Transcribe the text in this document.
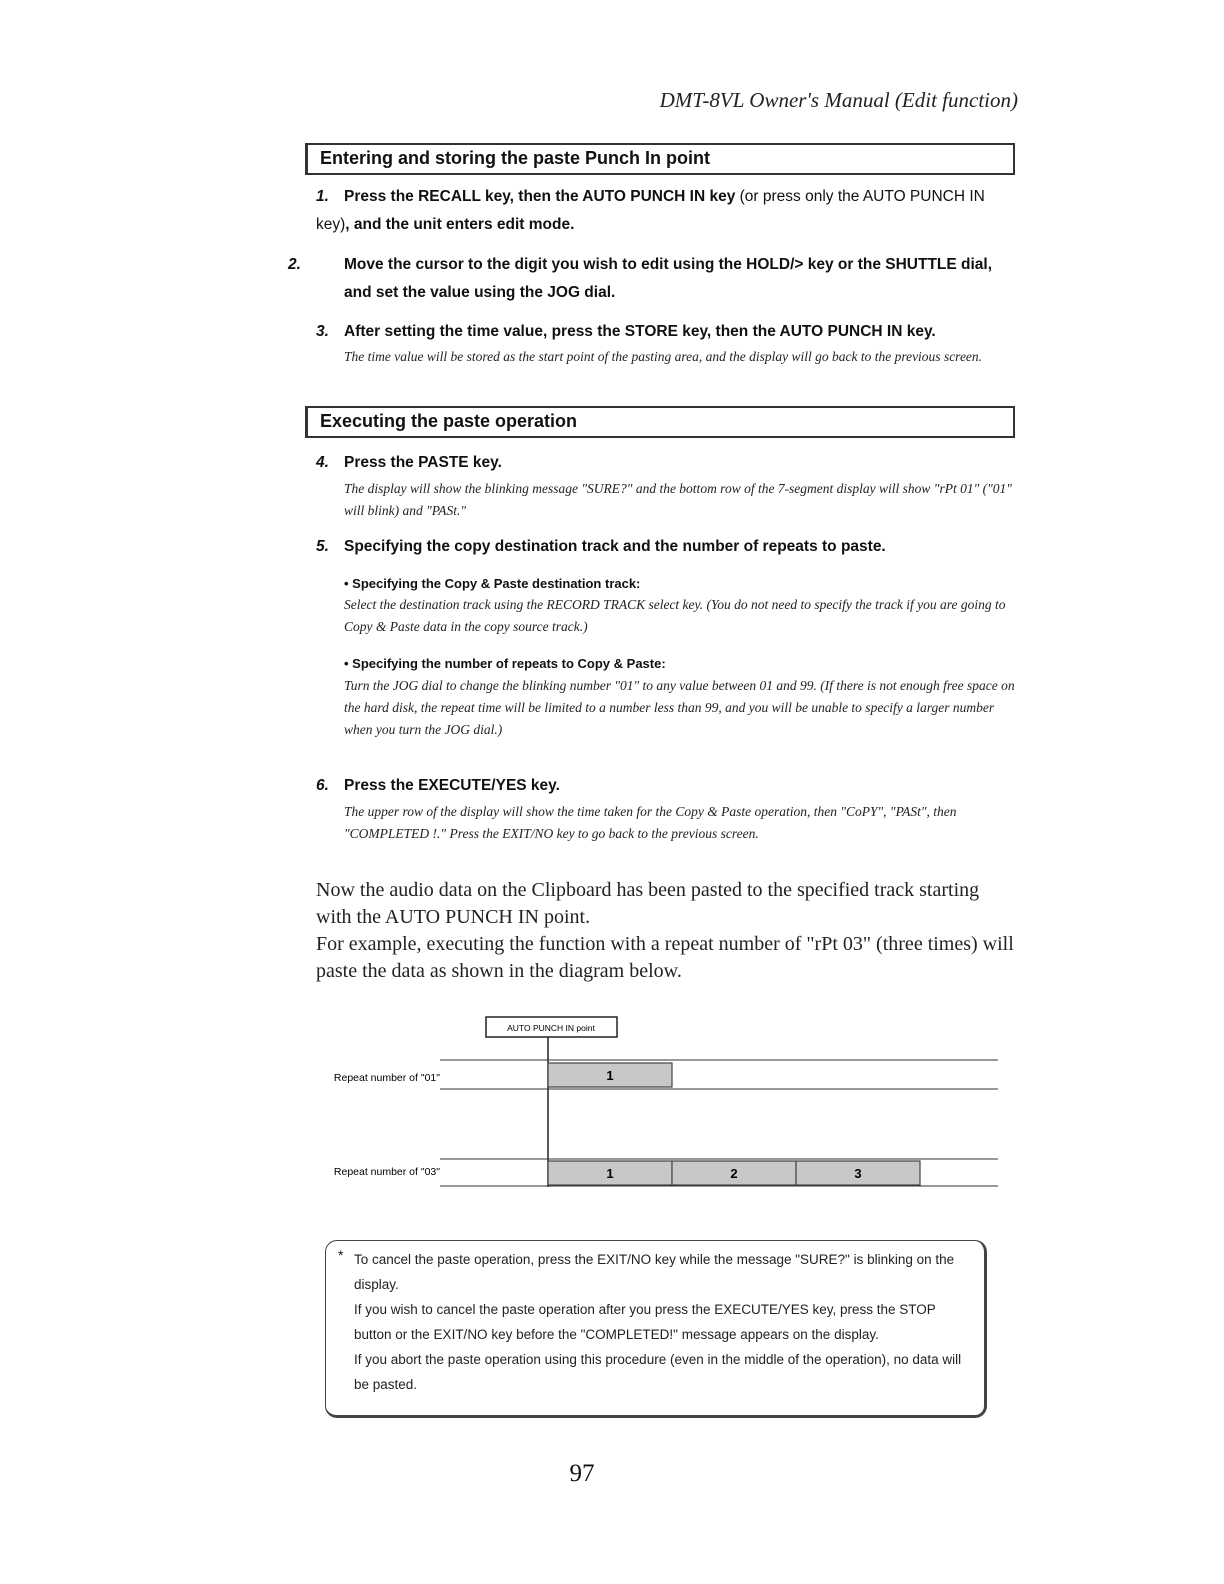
DMT-8VL Owner's Manual (Edit function)
Entering and storing the paste Punch In point
1. Press the RECALL key, then the AUTO PUNCH IN key (or press only the AUTO PUNCH IN key), and the unit enters edit mode.
2.	Move the cursor to the digit you wish to edit using the HOLD/> key or the SHUTTLE dial, and set the value using the JOG dial.
3. After setting the time value, press the STORE key, then the AUTO PUNCH IN key.
The time value will be stored as the start point of the pasting area, and the display will go back to the previous screen.
Executing the paste operation
4. Press the PASTE key.
The display will show the blinking message "SURE?" and the bottom row of the 7-segment display will show "rPt 01" ("01" will blink) and "PASt."
5. Specifying the copy destination track and the number of repeats to paste.
• Specifying the Copy & Paste destination track:
Select the destination track using the RECORD TRACK select key. (You do not need to specify the track if you are going to Copy & Paste data in the copy source track.)
• Specifying the number of repeats to Copy & Paste:
Turn the JOG dial to change the blinking number "01" to any value between 01 and 99. (If there is not enough free space on the hard disk, the repeat time will be limited to a number less than 99, and you will be unable to specify a larger number when you turn the JOG dial.)
6. Press the EXECUTE/YES key.
The upper row of the display will show the time taken for the Copy & Paste operation, then "CoPY", "PASt", then "COMPLETED !." Press the EXIT/NO key to go back to the previous screen.
Now the audio data on the Clipboard has been pasted to the specified track starting with the AUTO PUNCH IN point.
For example, executing the function with a repeat number of "rPt 03" (three times) will paste the data as shown in the diagram below.
AUTO PUNCH IN point
Repeat number of "01"	1
Repeat number of "03"	1	2	3
* To cancel the paste operation, press the EXIT/NO key while the message "SURE?" is blinking on the display.
If you wish to cancel the paste operation after you press the EXECUTE/YES key, press the STOP button or the EXIT/NO key before the "COMPLETED!" message appears on the display.
If you abort the paste operation using this procedure (even in the middle of the operation), no data will be pasted.
97
